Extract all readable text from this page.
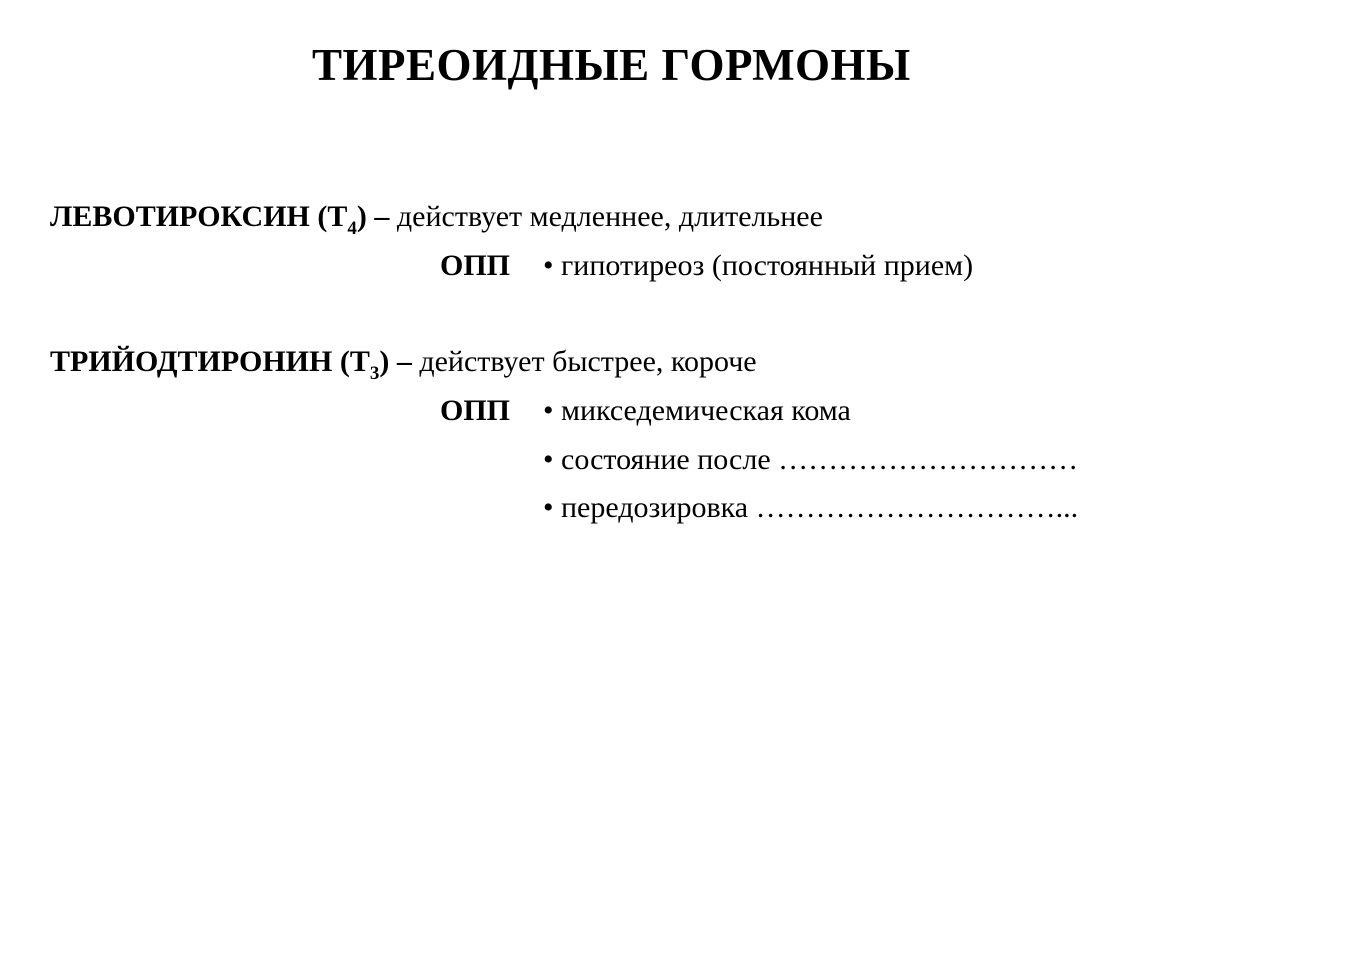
ТИРЕОИДНЫЕ ГОРМОНЫ
ЛЕВОТИРОКСИН $(T_4)$ – действует медленнее, длительнее
ОПП • гипотиреоз (постоянный прием)
ТРИЙОДТИРОНИН $(T_3)$ – действует быстрее, короче
ОПП • микседемическая кома
• состояние после …………………………
• передозировка …………………………...
